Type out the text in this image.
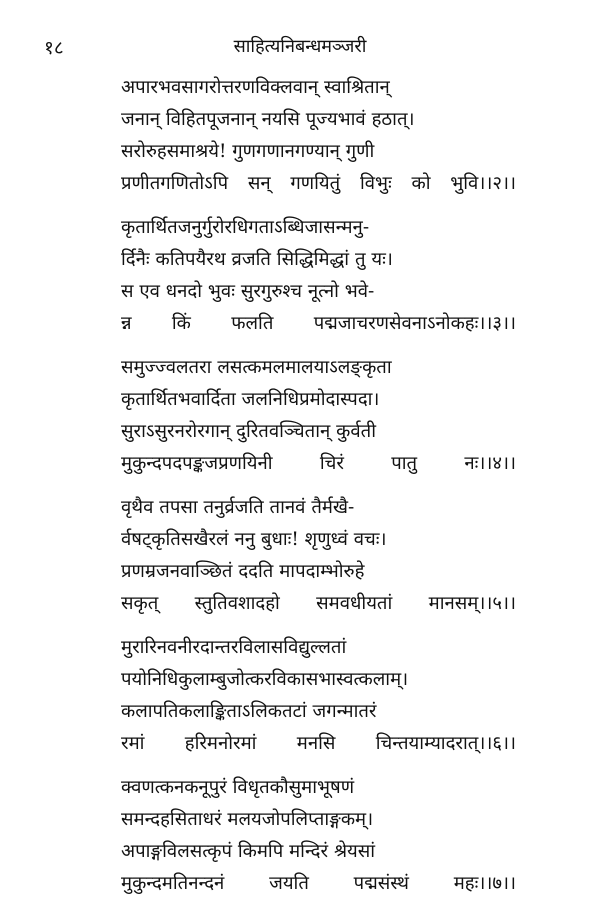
१८	साहित्यनिबन्धमञ्जरी
अपारभवसागरोत्तरणविक्लवान् स्वाश्रितान्
जनान् विहितपूजनान् नयसि पूज्यभावं हठात्।
सरोरुहसमाश्रये! गुणगणानगण्यान् गुणी
प्रणीतगणितोऽपि सन् गणयितुं विभुः को भुवि।।२।।
कृतार्थितजनुर्गुरोरधिगताऽब्धिजासन्मनु-
र्दिनैः कतिपयैरथ व्रजति सिद्धिमिद्धां तु यः।
स एव धनदो भुवः सुरगुरुश्च नूत्नो भवे-
न्न किं फलति पद्मजाचरणसेवनाऽनोकहः।।३।।
समुज्ज्वलतरा लसत्कमलमालयाऽलङ्कृता
कृतार्थितभवार्दिता जलनिधिप्रमोदास्पदा।
सुराऽसुरनरोरगान् दुरितवञ्चितान् कुर्वती
मुकुन्दपदपङ्कजप्रणयिनी चिरं पातु नः।।४।।
वृथैव तपसा तनुर्व्रजति तानवं तैर्मखै-
र्वषट्कृतिसखैरलं ननु बुधाः! श‍ृणुध्वं वचः।
प्रणम्रजनवाञ्छितं ददति मापदाम्भोरुहे
सकृत् स्तुतिवशादहो समवधीयतां मानसम्।।५।।
मुरारिनवनीरदान्तरविलासविद्युल्लतां
पयोनिधिकुलाम्बुजोत्करविकासभास्वत्कलाम्।
कलापतिकलाङ्किताऽलिकतटां जगन्मातरं
रमां हरिमनोरमां मनसि चिन्तयाम्यादरात्।।६।।
क्वणत्कनकनूपुरं विधृतकौसुमाभूषणं
समन्दहसिताधरं मलयजोपलिप्ताङ्गकम्।
अपाङ्गविलसत्कृपं किमपि मन्दिरं श्रेयसां
मुकुन्दमतिनन्दनं जयति पद्मसंस्थं महः।।७।।
